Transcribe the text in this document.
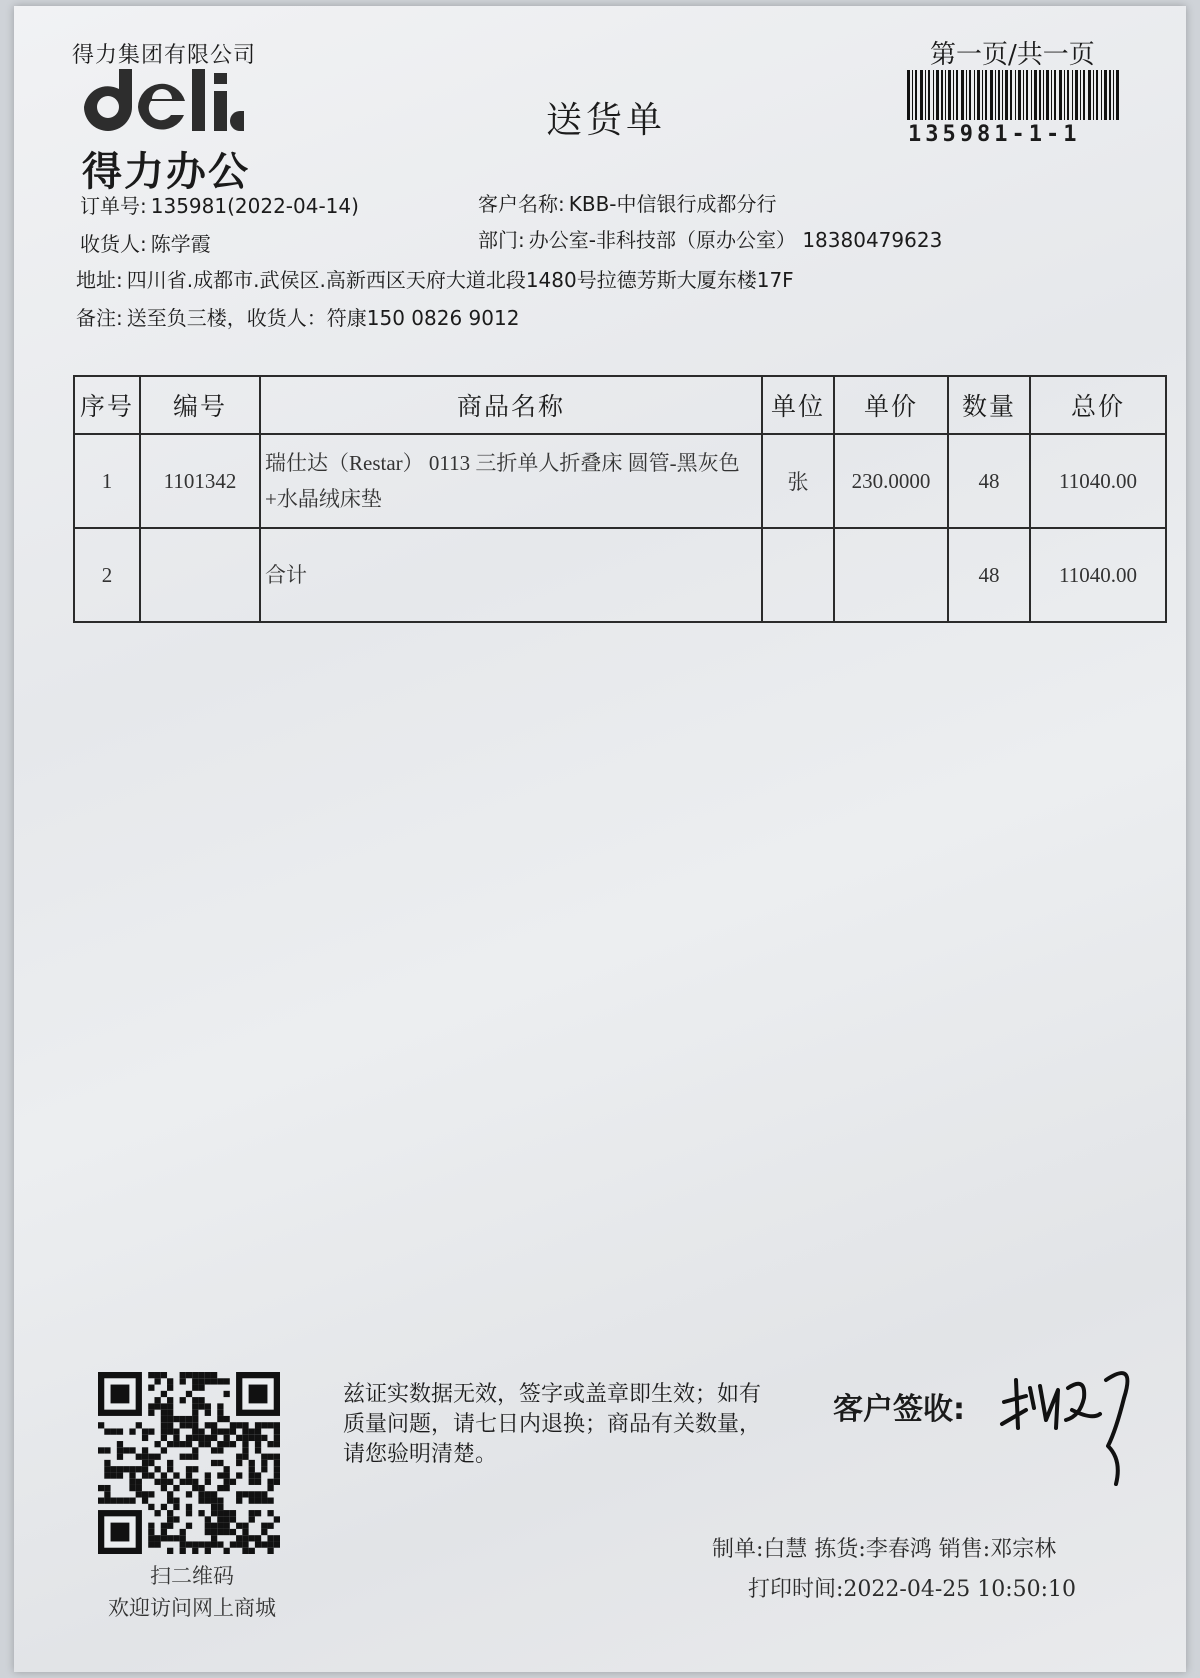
得力集团有限公司
得力办公
送货单
第一页/共一页
135981-1-1
订单号: 135981(2022-04-14)	客户名称: KBB-中信银行成都分行
收货人: 陈学霞	部门: 办公室-非科技部（原办公室） 18380479623
地址: 四川省.成都市.武侯区.高新西区天府大道北段1480号拉德芳斯大厦东楼17F
备注: 送至负三楼，收货人：符康150 0826 9012
序号	编号	商品名称	单位	单价	数量	总价
1	1101342	瑞仕达（Restar） 0113 三折单人折叠床 圆管-黑灰色+水晶绒床垫	张	230.0000	48	11040.00
2		合计			48	11040.00
扫二维码
欢迎访问网上商城
兹证实数据无效，签字或盖章即生效；如有质量问题，请七日内退换；商品有关数量，请您验明清楚。
客户签收:
制单:白慧 拣货:李春鸿 销售:邓宗林
打印时间:2022-04-25 10:50:10
